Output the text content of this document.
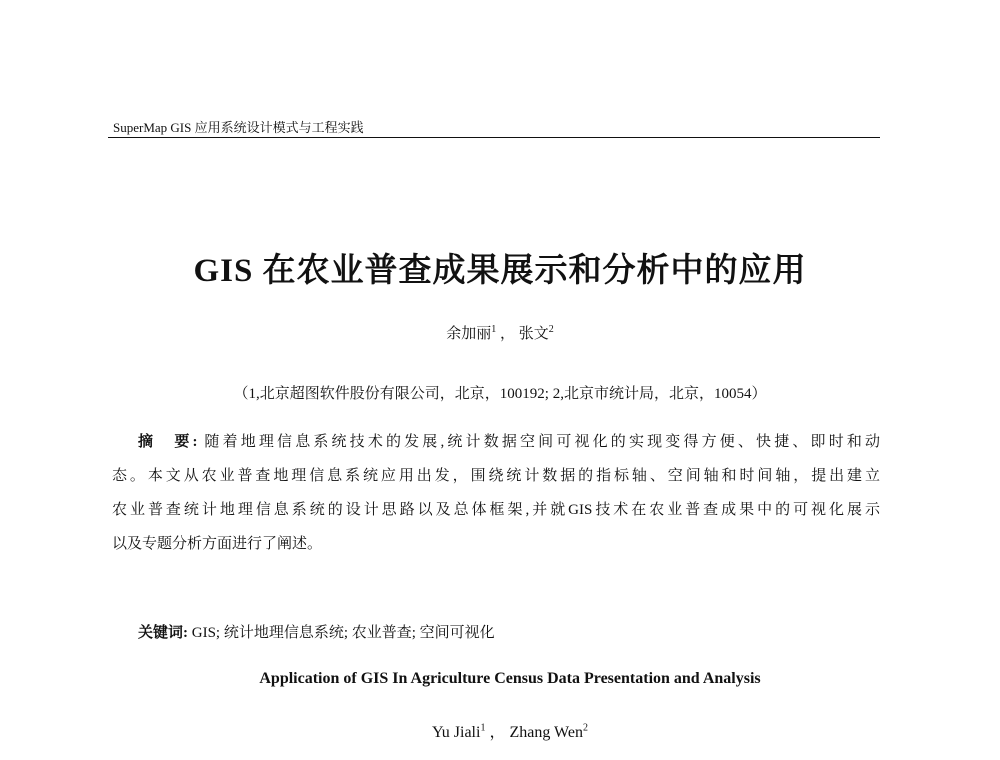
SuperMap GIS 应用系统设计模式与工程实践
GIS 在农业普查成果展示和分析中的应用
余加丽$^1$ ， 张文$^2$
（1,北京超图软件股份有限公司，北京，100192; 2,北京市统计局，北京，10054）
摘　要: 随着地理信息系统技术的发展,统计数据空间可视化的实现变得方便、快捷、即时和动
态。本文从农业普查地理信息系统应用出发，围绕统计数据的指标轴、空间轴和时间轴，提出建立
农业普查统计地理信息系统的设计思路以及总体框架,并就GIS技术在农业普查成果中的可视化展示
以及专题分析方面进行了阐述。
关键词: GIS; 统计地理信息系统; 农业普查; 空间可视化
Application of GIS In Agriculture Census Data Presentation and Analysis
Yu Jiali$^1$ ， Zhang Wen$^2$
